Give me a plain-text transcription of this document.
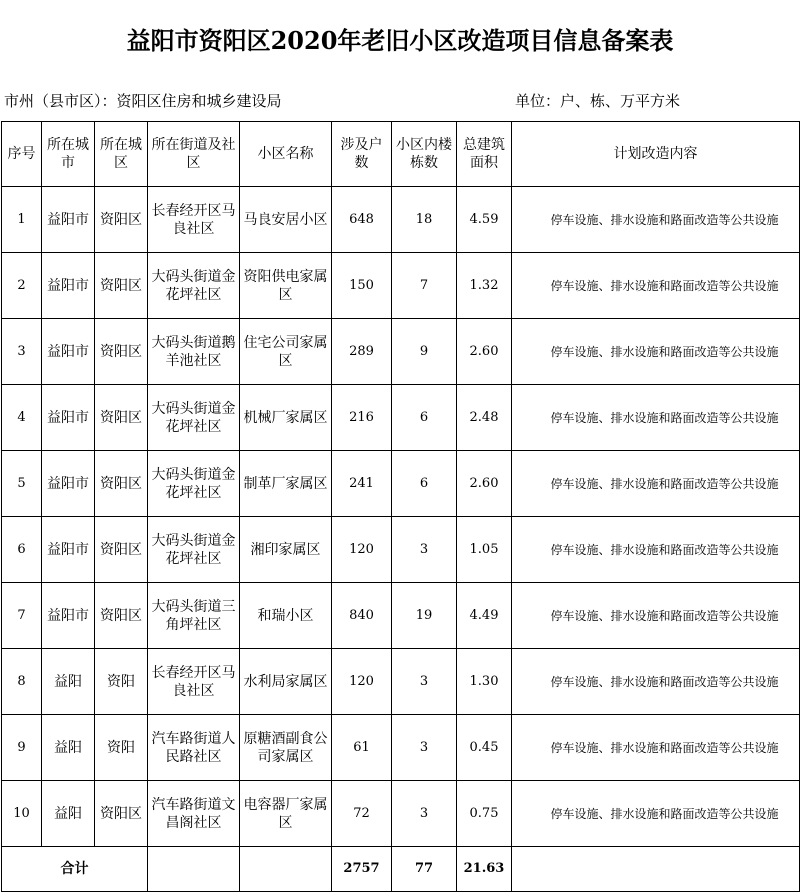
益阳市资阳区2020年老旧小区改造项目信息备案表
市州（县市区）：资阳区住房和城乡建设局	单位：户、栋、万平方米
序号	所在城市	所在城区	所在街道及社区	小区名称	涉及户数	小区内楼栋数	总建筑面积	计划改造内容
1	益阳市	资阳区	长春经开区马良社区	马良安居小区	648	18	4.59	停车设施、排水设施和路面改造等公共设施
2	益阳市	资阳区	大码头街道金花坪社区	资阳供电家属区	150	7	1.32	停车设施、排水设施和路面改造等公共设施
3	益阳市	资阳区	大码头街道鹅羊池社区	住宅公司家属区	289	9	2.60	停车设施、排水设施和路面改造等公共设施
4	益阳市	资阳区	大码头街道金花坪社区	机械厂家属区	216	6	2.48	停车设施、排水设施和路面改造等公共设施
5	益阳市	资阳区	大码头街道金花坪社区	制革厂家属区	241	6	2.60	停车设施、排水设施和路面改造等公共设施
6	益阳市	资阳区	大码头街道金花坪社区	湘印家属区	120	3	1.05	停车设施、排水设施和路面改造等公共设施
7	益阳市	资阳区	大码头街道三角坪社区	和瑞小区	840	19	4.49	停车设施、排水设施和路面改造等公共设施
8	益阳	资阳	长春经开区马良社区	水利局家属区	120	3	1.30	停车设施、排水设施和路面改造等公共设施
9	益阳	资阳	汽车路街道人民路社区	原糖酒副食公司家属区	61	3	0.45	停车设施、排水设施和路面改造等公共设施
10	益阳	资阳区	汽车路街道文昌阁社区	电容器厂家属区	72	3	0.75	停车设施、排水设施和路面改造等公共设施
合计					2757	77	21.63	
